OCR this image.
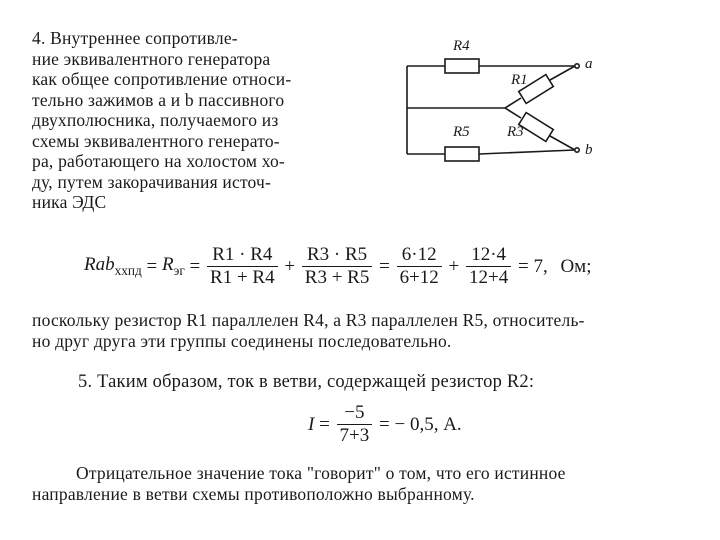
4. Внутреннее сопротивле-
ние эквивалентного генератора
как общее сопротивление относи-
тельно зажимов a и b пассивного
двухполюсника, получаемого из
схемы эквивалентного генерато-
ра, работающего на холостом хо-
ду, путем закорачивания источ-
ника ЭДС
R4
R1
R5 R3
a
b
$Rab_{ххпд} = R_{эг} = \frac{R1 \cdot R4}{R1 + R4} + \frac{R3 \cdot R5}{R3 + R5} = \frac{6\cdot 12}{6+12} + \frac{12\cdot 4}{12+4} = 7$, Ом;
поскольку резистор R1 параллелен R4, а R3 параллелен R5, относитель-
но друг друга эти группы соединены последовательно.
5. Таким образом, ток в ветви, содержащей резистор R2:
$I = \frac{-5}{7+3}$ = − 0,5, А.
Отрицательное значение тока "говорит" о том, что его истинное
направление в ветви схемы противоположно выбранному.
